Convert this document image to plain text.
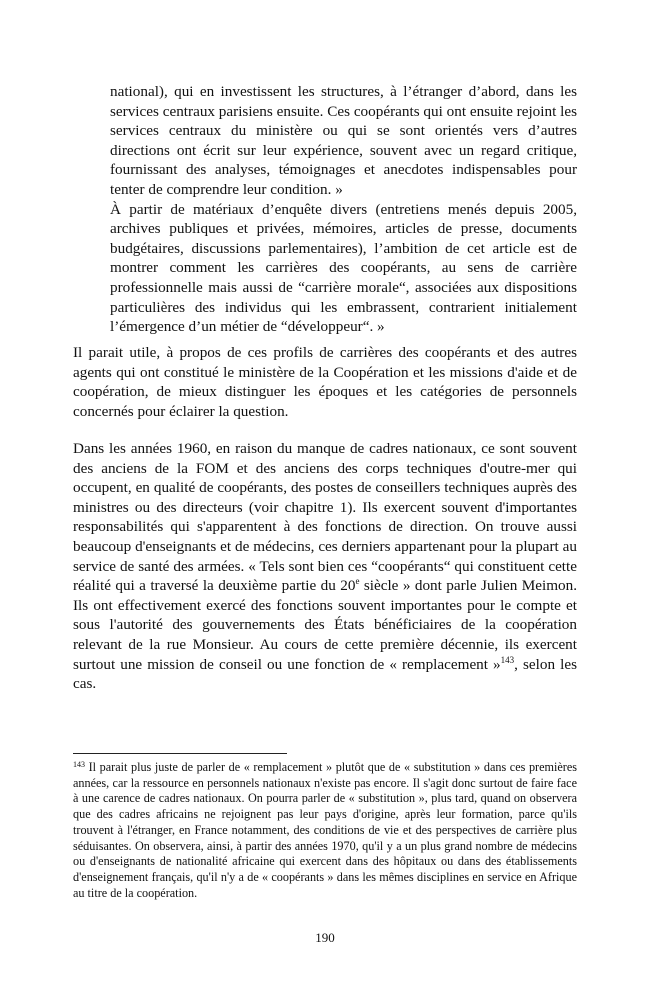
national), qui en investissent les structures, à l’étranger d’abord, dans les services centraux parisiens ensuite. Ces coopérants qui ont ensuite rejoint les services centraux du ministère ou qui se sont orientés vers d’autres directions ont écrit sur leur expérience, souvent avec un regard critique, fournissant des analyses, témoignages et anecdotes indispensables pour tenter de comprendre leur condition. »

À partir de matériaux d’enquête divers (entretiens menés depuis 2005, archives publiques et privées, mémoires, articles de presse, documents budgétaires, discussions parlementaires), l’ambition de cet article est de montrer comment les carrières des coopérants, au sens de carrière professionnelle mais aussi de “carrière morale“, associées aux dispositions particulières des individus qui les embrassent, contrarient initialement l’émergence d’un métier de “développeur“. »

Il parait utile, à propos de ces profils de carrières des coopérants et des autres agents qui ont constitué le ministère de la Coopération et les missions d'aide et de coopération, de mieux distinguer les époques et les catégories de personnels concernés pour éclairer la question.

Dans les années 1960, en raison du manque de cadres nationaux, ce sont souvent des anciens de la FOM et des anciens des corps techniques d'outre-mer qui occupent, en qualité de coopérants, des postes de conseillers techniques auprès des ministres ou des directeurs (voir chapitre 1). Ils exercent souvent d'importantes responsabilités qui s'apparentent à des fonctions de direction. On trouve aussi beaucoup d'enseignants et de médecins, ces derniers appartenant pour la plupart au service de santé des armées. « Tels sont bien ces “coopérants“ qui constituent cette réalité qui a traversé la deuxième partie du 20e siècle » dont parle Julien Meimon. Ils ont effectivement exercé des fonctions souvent importantes pour le compte et sous l'autorité des gouvernements des États bénéficiaires de la coopération relevant de la rue Monsieur. Au cours de cette première décennie, ils exercent surtout une mission de conseil ou une fonction de « remplacement »$^{143}$, selon les cas.

$^{143}$ Il parait plus juste de parler de « remplacement » plutôt que de « substitution » dans ces premières années, car la ressource en personnels nationaux n'existe pas encore. Il s'agit donc surtout de faire face à une carence de cadres nationaux. On pourra parler de « substitution », plus tard, quand on observera que des cadres africains ne rejoignent pas leur pays d'origine, après leur formation, parce qu'ils trouvent à l'étranger, en France notamment, des conditions de vie et des perspectives de carrière plus séduisantes. On observera, ainsi, à partir des années 1970, qu'il y a un plus grand nombre de médecins ou d'enseignants de nationalité africaine qui exercent dans des hôpitaux ou dans des établissements d'enseignement français, qu'il n'y a de « coopérants » dans les mêmes disciplines en service en Afrique au titre de la coopération.

190
